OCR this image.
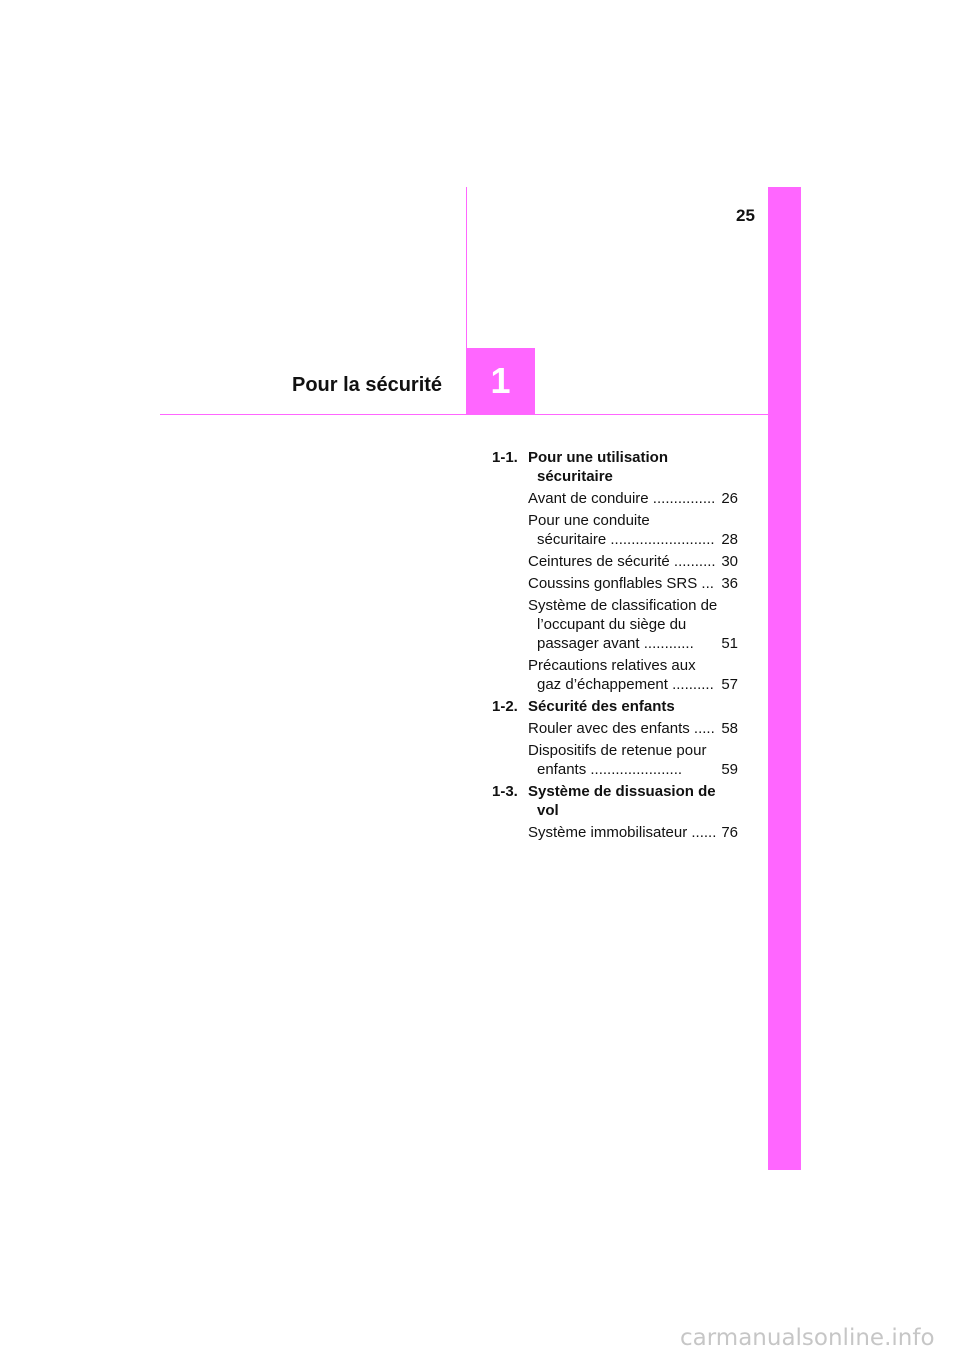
25
Pour la sécurité 1
1-1. Pour une utilisation sécuritaire
Avant de conduire ............... 26
Pour une conduite sécuritaire ......................... 28
Ceintures de sécurité .......... 30
Coussins gonflables SRS ... 36
Système de classification de l’occupant du siège du passager avant ............	51
Précautions relatives aux gaz d’échappement .......... 57
1-2. Sécurité des enfants
Rouler avec des enfants ..... 58
Dispositifs de retenue pour enfants ......................	59
1-3. Système de dissuasion de vol
Système immobilisateur ...... 76
carmanualsonline.info
